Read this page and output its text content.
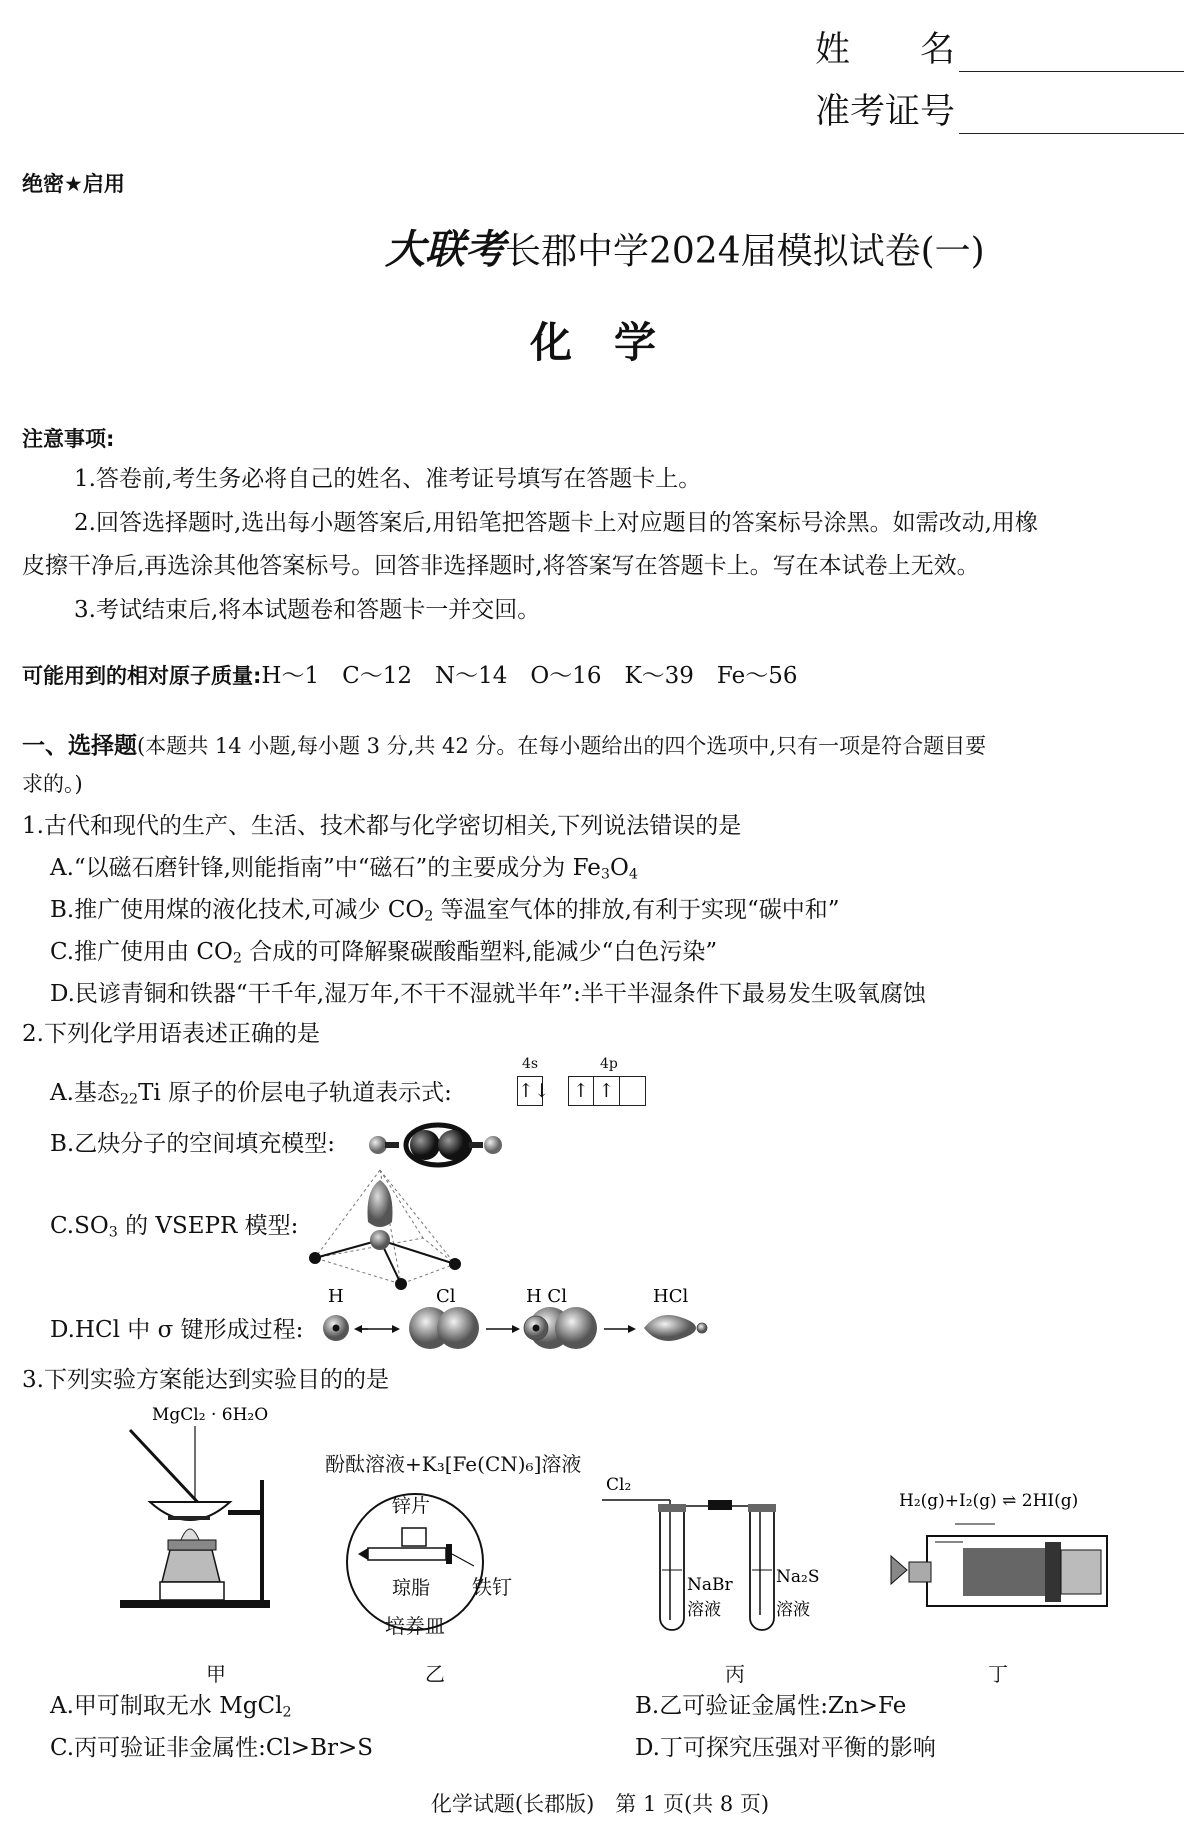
姓　　名
准考证号
绝密★启用
大联考长郡中学2024届模拟试卷(一)
化　学
注意事项:
1.答卷前,考生务必将自己的姓名、准考证号填写在答题卡上。
2.回答选择题时,选出每小题答案后,用铅笔把答题卡上对应题目的答案标号涂黑。如需改动,用橡
皮擦干净后,再选涂其他答案标号。回答非选择题时,将答案写在答题卡上。写在本试卷上无效。
3.考试结束后,将本试题卷和答题卡一并交回。
可能用到的相对原子质量:H～1　C～12　N～14　O～16　K～39　Fe～56
一、选择题(本题共 14 小题,每小题 3 分,共 42 分。在每小题给出的四个选项中,只有一项是符合题目要
求的。)
1.古代和现代的生产、生活、技术都与化学密切相关,下列说法错误的是
A.“以磁石磨针锋,则能指南”中“磁石”的主要成分为 $Fe_3O_4$
B.推广使用煤的液化技术,可减少 $CO_2$ 等温室气体的排放,有利于实现“碳中和”
C.推广使用由 $CO_2$ 合成的可降解聚碳酸酯塑料,能减少“白色污染”
D.民谚青铜和铁器“干千年,湿万年,不干不湿就半年”:半干半湿条件下最易发生吸氧腐蚀
2.下列化学用语表述正确的是
A.基态$_{22}$Ti 原子的价层电子轨道表示式:
4s	4p
↑↓ ↑ ↑
B.乙炔分子的空间填充模型:
$C.SO_3$ 的 VSEPR 模型:
D.HCl 中 σ 键形成过程:
H	Cl	H Cl	HCl
3.下列实验方案能达到实验目的的是
MgCl₂ · 6H₂O
酚酞溶液+K₃[Fe(CN)₆]溶液
锌片
琼脂 铁钉
培养皿
Cl₂
NaBr
溶液
Na₂S
溶液
H₂(g)+I₂(g) ⇌ 2HI(g)
甲	乙	丙	丁
A.甲可制取无水 MgCl$_2$	B.乙可验证金属性:Zn>Fe
C.丙可验证非金属性:Cl>Br>S	D.丁可探究压强对平衡的影响
化学试题(长郡版)　第 1 页(共 8 页)
